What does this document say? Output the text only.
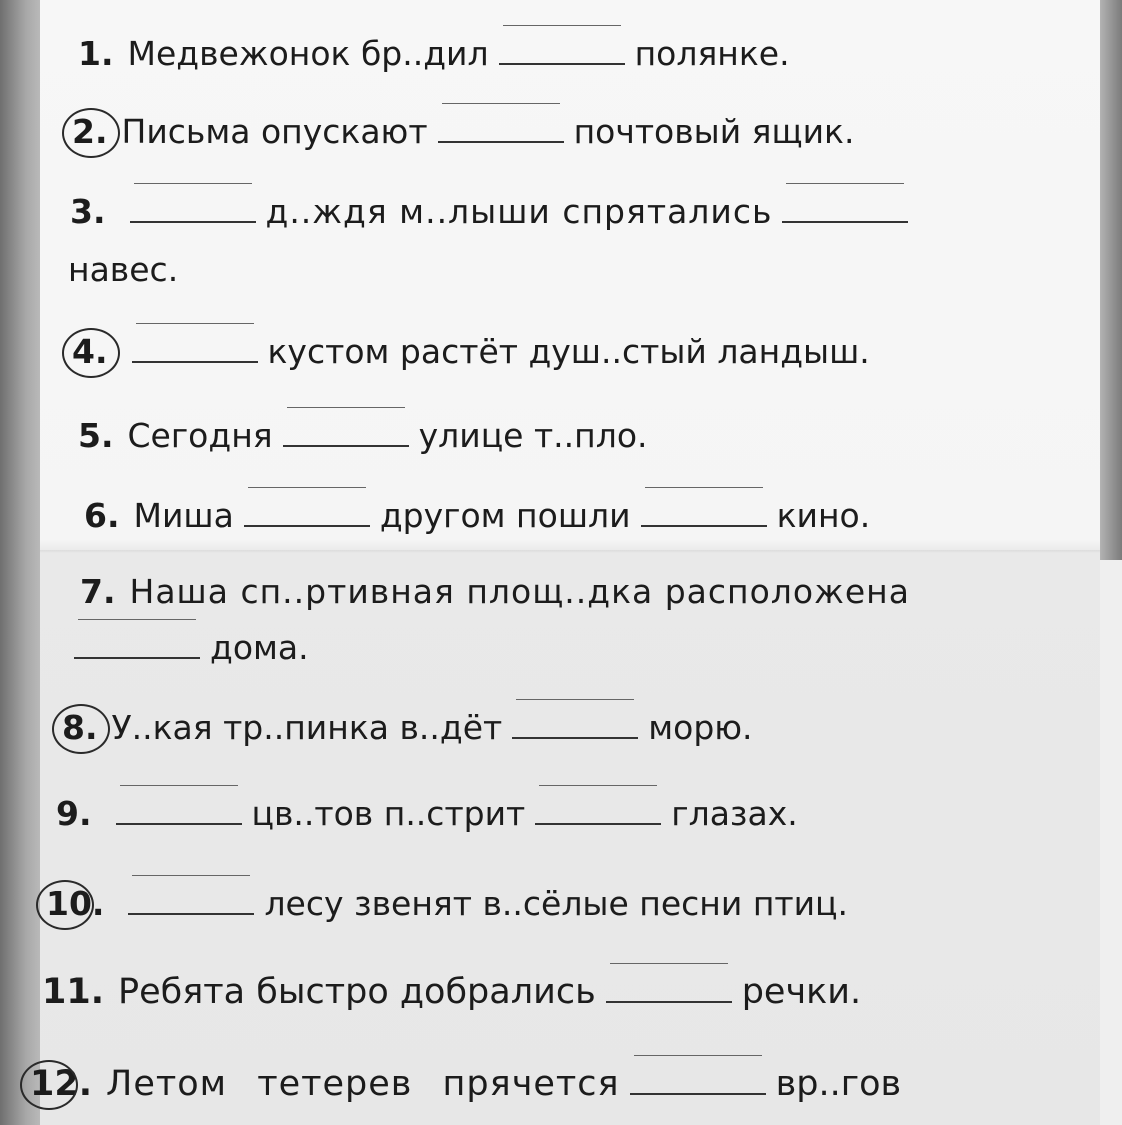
1. Медвежонок бр..дил	полянке.
2. Письма опускают	почтовый ящик.
3.	д..ждя м..лыши спрятались
навес.
4.	кустом растёт душ..стый ландыш.
5. Сегодня	улице т..пло.
6. Миша	другом пошли	кино.
7. Наша сп..ртивная площ..дка расположена
дома.
8. У..кая тр..пинка в..дёт	морю.
9.	цв..тов п..стрит	глазах.
10.	лесу звенят в..сёлые песни птиц.
11. Ребята быстро добрались	речки.
12. Летом тетерев прячется	вр..гов
